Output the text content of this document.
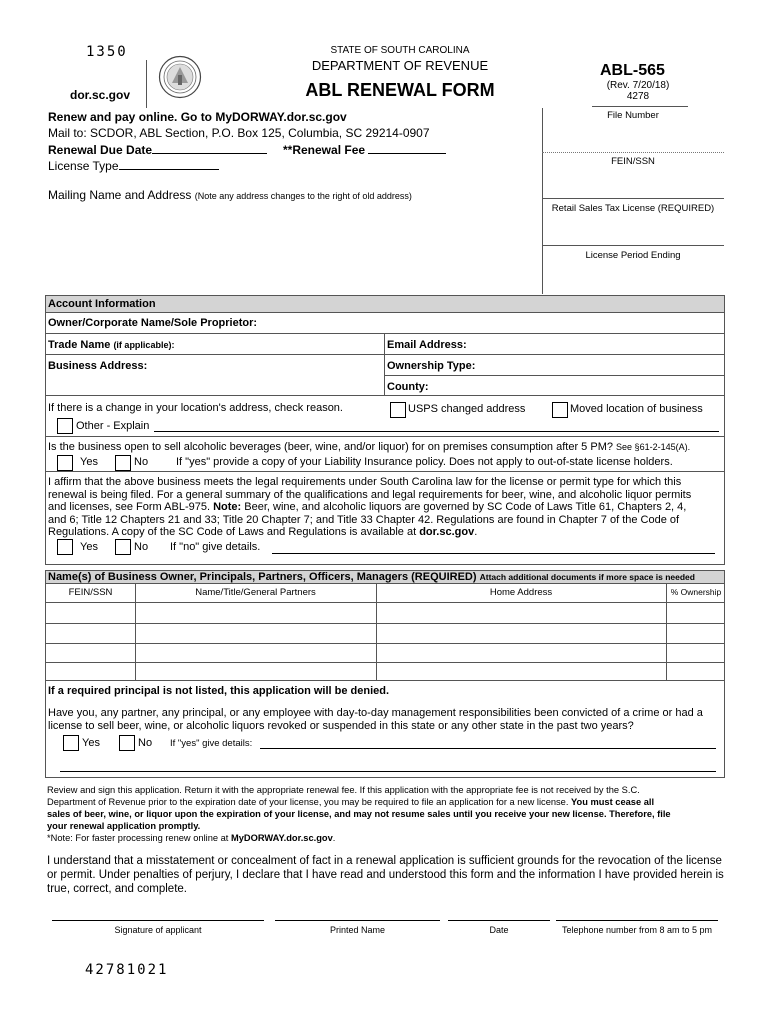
1350	STATE OF SOUTH CAROLINA
DEPARTMENT OF REVENUE
ABL RENEWAL FORM
dor.sc.gov
ABL-565
(Rev. 7/20/18)
4278
Renew and pay online. Go to MyDORWAY.dor.sc.gov
Mail to: SCDOR, ABL Section, P.O. Box 125, Columbia, SC 29214-0907
Renewal Due Date	**Renewal Fee
License Type
Mailing Name and Address (Note any address changes to the right of old address)
File Number
FEIN/SSN
Retail Sales Tax License (REQUIRED)
License Period Ending
Account Information
Owner/Corporate Name/Sole Proprietor:
Trade Name (if applicable):	Email Address:
Business Address:	Ownership Type:
County:
If there is a change in your location's address, check reason.	USPS changed address	Moved location of business
Other - Explain
Is the business open to sell alcoholic beverages (beer, wine, and/or liquor) for on premises consumption after 5 PM? See §61-2-145(A).
Yes	No	If "yes" provide a copy of your Liability Insurance policy. Does not apply to out-of-state license holders.
I affirm that the above business meets the legal requirements under South Carolina law for the license or permit type for which this
renewal is being filed. For a general summary of the qualifications and legal requirements for beer, wine, and alcoholic liquor permits
and licenses, see Form ABL-975. Note: Beer, wine, and alcoholic liquors are governed by SC Code of Laws Title 61, Chapters 2, 4,
and 6; Title 12 Chapters 21 and 33; Title 20 Chapter 7; and Title 33 Chapter 42. Regulations are found in Chapter 7 of the Code of
Regulations. A copy of the SC Code of Laws and Regulations is available at dor.sc.gov.
Yes	No If "no" give details.
Name(s) of Business Owner, Principals, Partners, Officers, Managers (REQUIRED) Attach additional documents if more space is needed
FEIN/SSN	Name/Title/General Partners	Home Address	% Ownership
If a required principal is not listed, this application will be denied.
Have you, any partner, any principal, or any employee with day-to-day management responsibilities been convicted of a crime or had a
license to sell beer, wine, or alcoholic liquors revoked or suspended in this state or any other state in the past two years?
Yes	No If "yes" give details:
Review and sign this application. Return it with the appropriate renewal fee. If this application with the appropriate fee is not received by the S.C.
Department of Revenue prior to the expiration date of your license, you may be required to file an application for a new license. You must cease all
sales of beer, wine, or liquor upon the expiration of your license, and may not resume sales until you receive your new license. Therefore, file
your renewal application promptly.
*Note: For faster processing renew online at MyDORWAY.dor.sc.gov.
I understand that a misstatement or concealment of fact in a renewal application is sufficient grounds for the revocation of the license
or permit. Under penalties of perjury, I declare that I have read and understood this form and the information I have provided herein is
true, correct, and complete.
Signature of applicant	Printed Name	Date	Telephone number from 8 am to 5 pm
42781021
